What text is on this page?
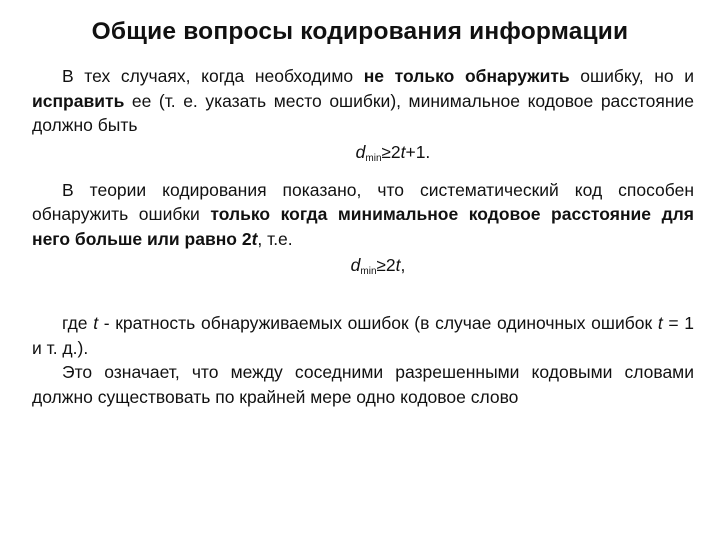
Общие вопросы кодирования информации

В тех случаях, когда необходимо не только обнаружить ошибку, но и исправить ее (т. е. указать место ошибки), минимальное кодовое расстояние должно быть

dmin≥2t+1.

В теории кодирования показано, что систематический код способен обнаружить ошибки только когда минимальное кодовое расстояние для него больше или равно 2t, т.е.

dmin≥2t,

где t - кратность обнаруживаемых ошибок (в случае одиночных ошибок t = 1 и т. д.).

Это означает, что между соседними разрешенными кодовыми словами должно существовать по крайней мере одно кодовое слово
